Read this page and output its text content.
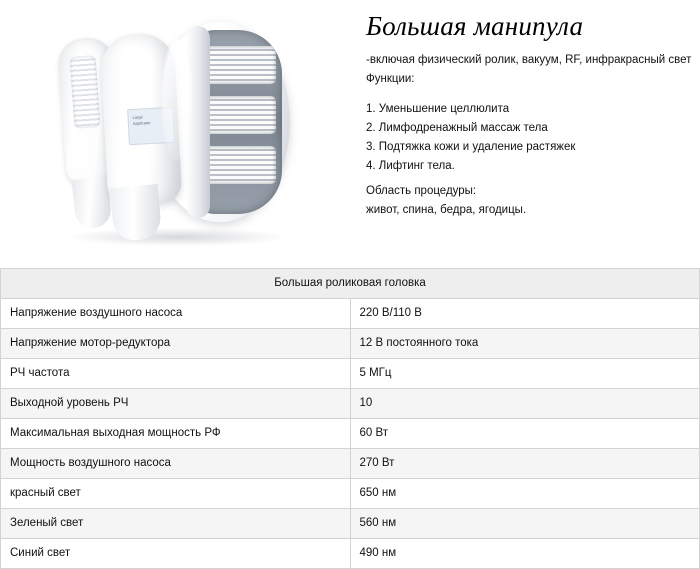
Large
Applicator
Большая манипула
-включая физический ролик, вакуум, RF, инфракрасный свет
Функции:
1. Уменьшение целлюлита
2. Лимфодренажный массаж тела
3. Подтяжка кожи и удаление растяжек
4. Лифтинг тела.
Область процедуры:
живот, спина, бедра, ягодицы.
Большая роликовая головка	
Напряжение воздушного насоса	220 В/110 В
Напряжение мотор-редуктора	12 В постоянного тока
РЧ частота	5 МГц
Выходной уровень РЧ	10
Максимальная выходная мощность РФ	60 Вт
Мощность воздушного насоса	270 Вт
красный свет	650 нм
Зеленый свет	560 нм
Синий свет	490 нм
